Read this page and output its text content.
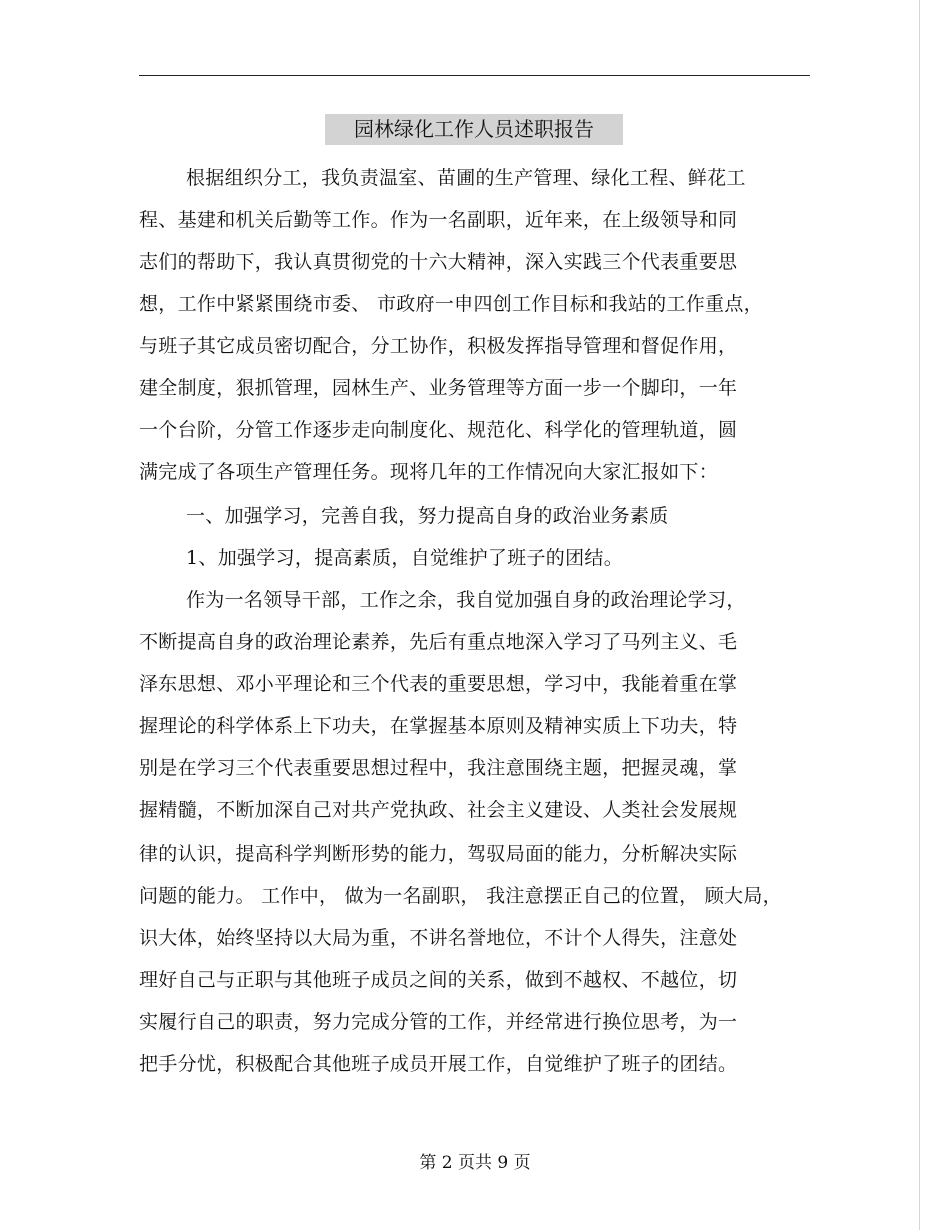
园林绿化工作人员述职报告
根据组织分工，我负责温室、苗圃的生产管理、绿化工程、鲜花工
程、基建和机关后勤等工作。作为一名副职，近年来，在上级领导和同
志们的帮助下，我认真贯彻党的十六大精神，深入实践三个代表重要思
想，工作中紧紧围绕市委、 市政府一申四创工作目标和我站的工作重点，
与班子其它成员密切配合，分工协作，积极发挥指导管理和督促作用，
建全制度，狠抓管理，园林生产、业务管理等方面一步一个脚印，一年
一个台阶，分管工作逐步走向制度化、规范化、科学化的管理轨道，圆
满完成了各项生产管理任务。现将几年的工作情况向大家汇报如下：
一、加强学习，完善自我，努力提高自身的政治业务素质
1、加强学习，提高素质，自觉维护了班子的团结。
作为一名领导干部，工作之余，我自觉加强自身的政治理论学习，
不断提高自身的政治理论素养，先后有重点地深入学习了马列主义、毛
泽东思想、邓小平理论和三个代表的重要思想，学习中，我能着重在掌
握理论的科学体系上下功夫，在掌握基本原则及精神实质上下功夫，特
别是在学习三个代表重要思想过程中，我注意围绕主题，把握灵魂，掌
握精髓，不断加深自己对共产党执政、社会主义建设、人类社会发展规
律的认识，提高科学判断形势的能力，驾驭局面的能力，分析解决实际
问题的能力。 工作中， 做为一名副职， 我注意摆正自己的位置， 顾大局，
识大体，始终坚持以大局为重，不讲名誉地位，不计个人得失，注意处
理好自己与正职与其他班子成员之间的关系，做到不越权、不越位，切
实履行自己的职责，努力完成分管的工作，并经常进行换位思考，为一
把手分忧，积极配合其他班子成员开展工作，自觉维护了班子的团结。
第 2 页共 9 页
